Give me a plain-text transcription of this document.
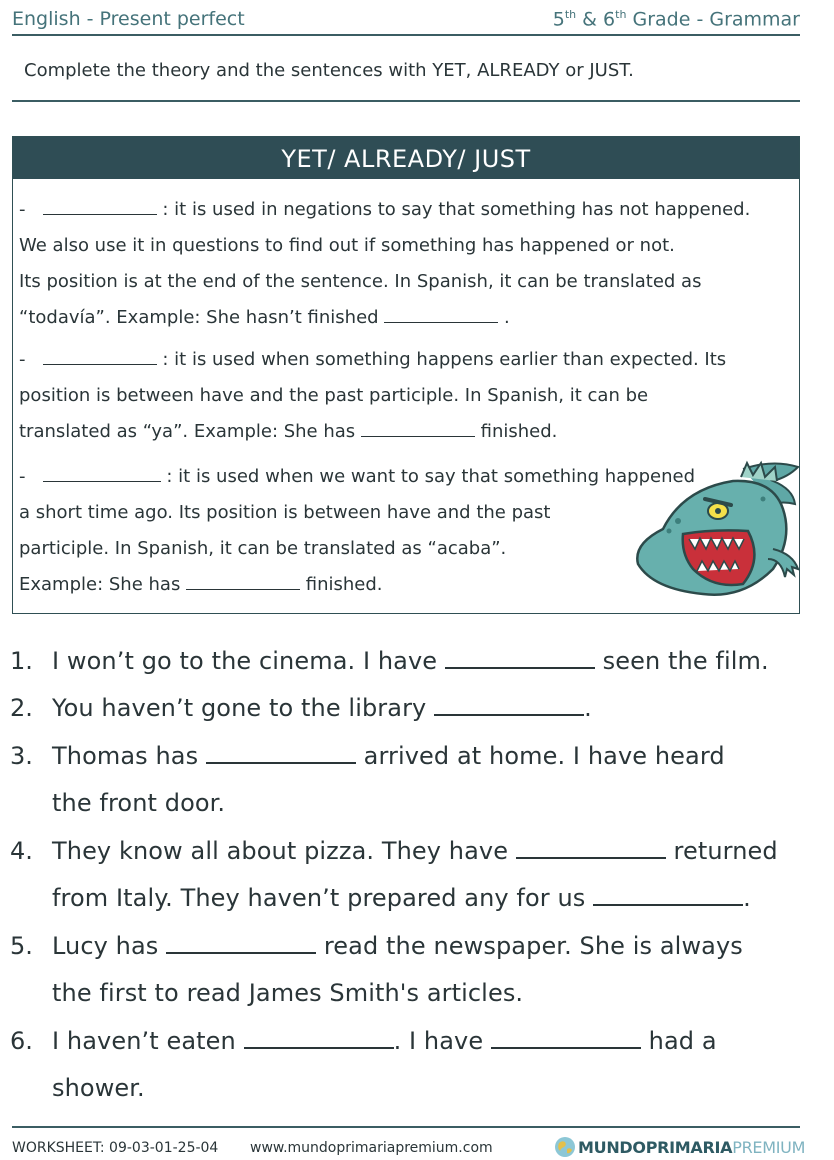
English - Present perfect	5th & 6th Grade - Grammar
Complete the theory and the sentences with YET, ALREADY or JUST.
YET/ ALREADY/ JUST
-	: it is used in negations to say that something has not happened.
We also use it in questions to find out if something has happened or not.
Its position is at the end of the sentence. In Spanish, it can be translated as
“todavía”. Example: She hasn’t finished	.
-	: it is used when something happens earlier than expected. Its
position is between have and the past participle. In Spanish, it can be
translated as “ya”. Example: She has	finished.
-	: it is used when we want to say that something happened
a short time ago. Its position is between have and the past
participle. In Spanish, it can be translated as “acaba”.
Example: She has	finished.
1. I won’t go to the cinema. I have	seen the film.
2. You haven’t gone to the library	.
3. Thomas has	arrived at home. I have heard
the front door.
4. They know all about pizza. They have	returned
from Italy. They haven’t prepared any for us	.
5. Lucy has	read the newspaper. She is always
the first to read James Smith's articles.
6. I haven’t eaten	. I have	had a
shower.
WORKSHEET: 09-03-01-25-04 www.mundoprimariapremium.com	MUNDO PRIMARIA PREMIUM
